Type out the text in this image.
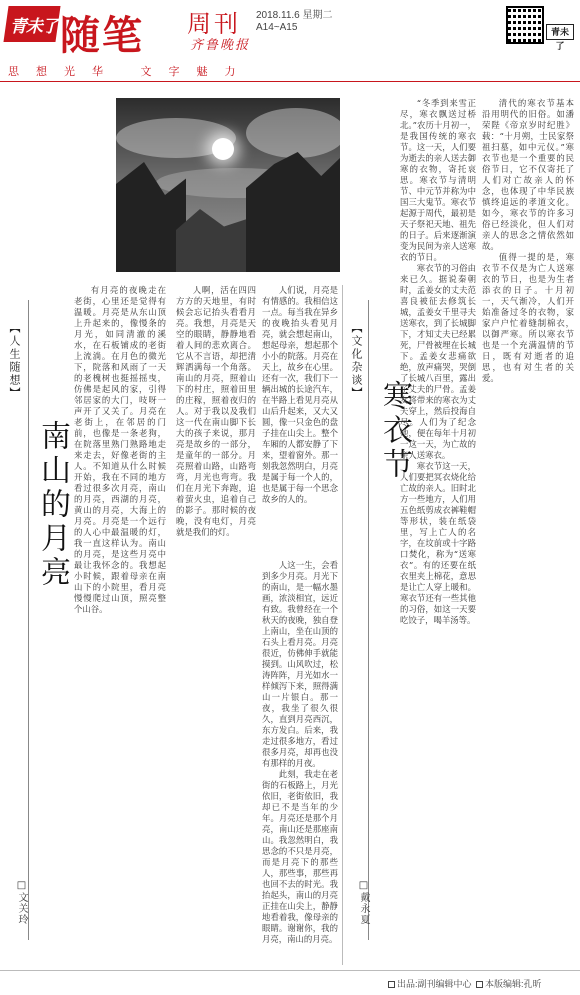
青未了 随笔 周刊
齐鲁晚报
2018.11.6 星期二
A14~A15	青未了
思想光华 文字魅力
【人生随想】
南山的月亮
□文关玲

有月亮的夜晚走在老街，心里还是觉得有温暖。月亮是从东山顶上升起来的，像慢条的月光，如同清澈的溪水，在石板铺成的老街上流淌。在月色的微光下，院落和风雨了一天的老槐树也挺摇摇曳，仿佛是起风的家，引得邻居家的大门，吱呀一声开了又关了。月亮在老街上，在邻居的门前，也像是一条老狗，在院落里熟门熟路地走来走去，好像老街的主人。不知道从什么时候开始，我在不同的地方看过很多次月亮，南山的月亮，西湖的月亮，黄山的月亮，大海上的月亮。月亮是一个远行的人心中最温暖的灯，我一直这样认为。南山的月亮，是这些月亮中最让我怀念的。我想起小时候，跟着母亲在南山下的小院里，看月亮慢慢爬过山顶，照亮整个山谷。

人啊，活在四四方方的天地里，有时候会忘记抬头看看月亮。我想，月亮是天空的眼睛，静静地看着人间的悲欢离合。它从不言语，却把清辉洒满每一个角落。南山的月亮，照着山下的村庄，照着田里的庄稼，照着夜归的人。对于我以及我们这一代在南山脚下长大的孩子来说，那月亮是故乡的一部分，是童年的一部分。月亮照着山路，山路弯弯，月光也弯弯。我们在月光下奔跑，追着萤火虫，追着自己的影子。那时候的夜晚，没有电灯，月亮就是我们的灯。

人们说，月亮是有情感的。我相信这一点。每当我在异乡的夜晚抬头看见月亮，就会想起南山，想起母亲，想起那个小小的院落。月亮在天上，故乡在心里。还有一次，我们下一辆出城的长途汽车，在半路上看见月亮从山后升起来，又大又圆，像一只金色的盘子挂在山尖上。整个车厢的人都安静了下来，望着窗外。那一刻我忽然明白，月亮是属于每一个人的，也是属于每一个思念故乡的人的。

【文化杂谈】
寒衣节
□戴永夏

“冬季到来雪正尽，寒衣飘送过桥北。”农历十月初一，是我国传统的寒衣节。这一天，人们要为逝去的亲人送去御寒的衣物，寄托哀思。寒衣节与清明节、中元节并称为中国三大鬼节。寒衣节起源于周代，最初是天子祭祀天地、祖先的日子。后来逐渐演变为民间为亲人送寒衣的节日。

寒衣节的习俗由来已久。据说秦朝时，孟姜女的丈夫范喜良被征去修筑长城，孟姜女千里寻夫送寒衣，到了长城脚下，才知丈夫已经累死，尸骨被埋在长城下。孟姜女悲痛欲绝，放声痛哭，哭倒了长城八百里，露出了丈夫的尸骨。孟姜女将带来的寒衣为丈夫穿上，然后投海自尽。人们为了纪念她，便在每年十月初一这一天，为亡故的亲人送寒衣。

寒衣节这一天，人们要把冥衣烧化给亡故的亲人。旧时北方一些地方，人们用五色纸剪成衣裤鞋帽等形状，装在纸袋里，写上亡人的名字，在坟前或十字路口焚化，称为“送寒衣”。有的还要在纸衣里夹上棉花，意思是让亡人穿上暖和。寒衣节还有一些其他的习俗，如这一天要吃饺子，喝羊汤等。

清代的寒衣节基本沿用明代的旧俗。如潘荣陛《帝京岁时纪胜》载：“十月朔，士民家祭祖扫墓，如中元仪。”寒衣节也是一个重要的民俗节日，它不仅寄托了人们对亡故亲人的怀念，也体现了中华民族慎终追远的孝道文化。如今，寒衣节的许多习俗已经淡化，但人们对亲人的思念之情依然如故。

值得一提的是，寒衣节不仅是为亡人送寒衣的节日，也是为生者添衣的日子。十月初一，天气渐冷，人们开始准备过冬的衣物，家家户户忙着缝制棉衣，以御严寒。所以寒衣节也是一个充满温情的节日，既有对逝者的追思，也有对生者的关爱。

人这一生，会看到多少月亮。月光下的南山，是一幅水墨画，浓淡相宜，远近有致。我曾经在一个秋天的夜晚，独自登上南山，坐在山顶的石头上看月亮。月亮很近，仿佛伸手就能摸到。山风吹过，松涛阵阵，月光如水一样倾泻下来，照得满山一片银白。那一夜，我坐了很久很久，直到月亮西沉，东方发白。后来，我走过很多地方，看过很多月亮，却再也没有那样的月夜。

此刻，我走在老街的石板路上，月光依旧，老街依旧，我却已不是当年的少年。月亮还是那个月亮，南山还是那座南山。我忽然明白，我思念的不只是月亮，而是月亮下的那些人，那些事，那些再也回不去的时光。我抬起头，南山的月亮正挂在山尖上，静静地看着我，像母亲的眼睛。谢谢你，我的月亮，南山的月亮。

出品:副刊编辑中心	本版编辑:孔昕
